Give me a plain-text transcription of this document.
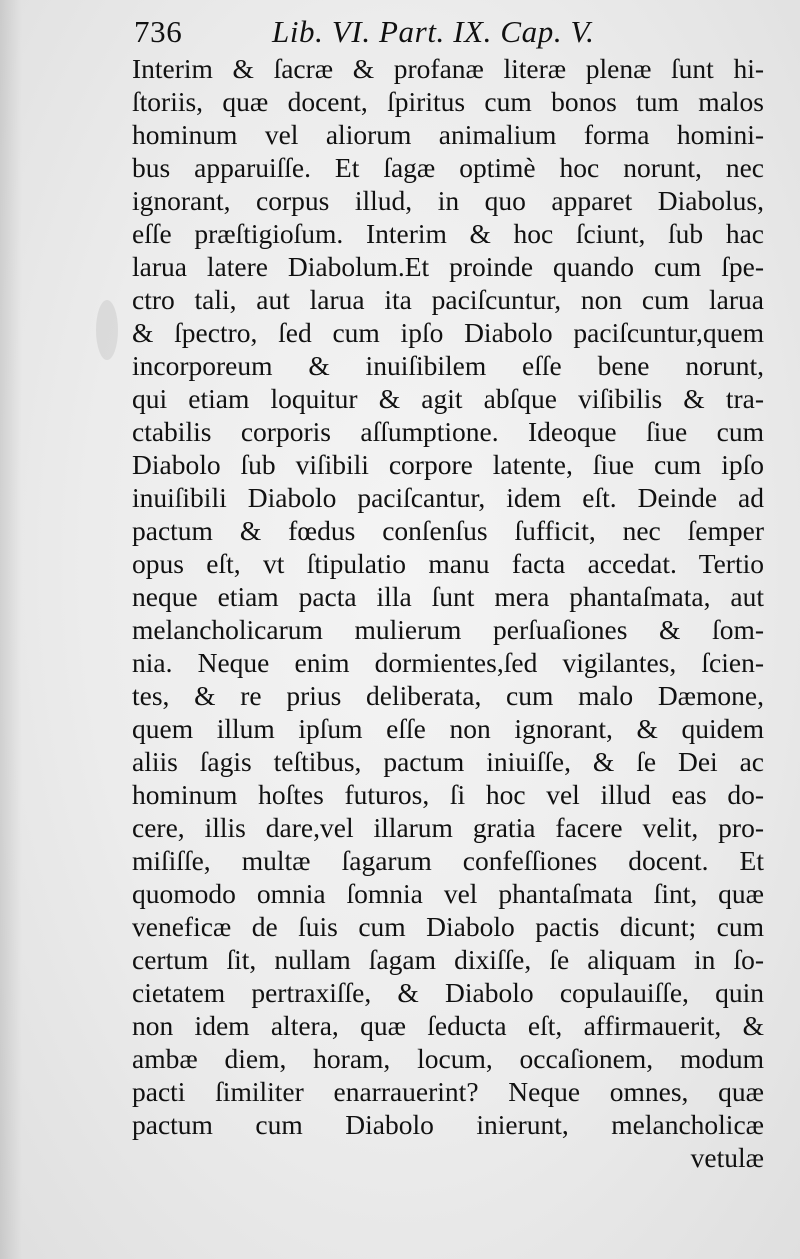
736	Lib. VI. Part. IX. Cap. V.
Interim & ſacræ & profanæ literæ plenæ ſunt hi-
ſtoriis, quæ docent, ſpiritus cum bonos tum malos
hominum vel aliorum animalium forma homini-
bus apparuiſſe. Et ſagæ optimè hoc norunt, nec
ignorant, corpus illud, in quo apparet Diabolus,
eſſe præſtigioſum. Interim & hoc ſciunt, ſub hac
larua latere Diabolum.Et proinde quando cum ſpe-
ctro tali, aut larua ita paciſcuntur, non cum larua
& ſpectro, ſed cum ipſo Diabolo paciſcuntur,quem
incorporeum & inuiſibilem eſſe bene norunt,
qui etiam loquitur & agit abſque viſibilis & tra-
ctabilis corporis aſſumptione. Ideoque ſiue cum
Diabolo ſub viſibili corpore latente, ſiue cum ipſo
inuiſibili Diabolo paciſcantur, idem eſt. Deinde ad
pactum & fœdus conſenſus ſufficit, nec ſemper
opus eſt, vt ſtipulatio manu facta accedat. Tertio
neque etiam pacta illa ſunt mera phantaſmata, aut
melancholicarum mulierum perſuaſiones & ſom-
nia. Neque enim dormientes,ſed vigilantes, ſcien-
tes, & re prius deliberata, cum malo Dæmone,
quem illum ipſum eſſe non ignorant, & quidem
aliis ſagis teſtibus, pactum iniuiſſe, & ſe Dei ac
hominum hoſtes futuros, ſi hoc vel illud eas do-
cere, illis dare,vel illarum gratia facere velit, pro-
miſiſſe, multæ ſagarum confeſſiones docent. Et
quomodo omnia ſomnia vel phantaſmata ſint, quæ
veneficæ de ſuis cum Diabolo pactis dicunt; cum
certum ſit, nullam ſagam dixiſſe, ſe aliquam in ſo-
cietatem pertraxiſſe, & Diabolo copulauiſſe, quin
non idem altera, quæ ſeducta eſt, affirmauerit, &
ambæ diem, horam, locum, occaſionem, modum
pacti ſimiliter enarrauerint? Neque omnes, quæ
pactum cum Diabolo inierunt, melancholicæ
vetulæ
